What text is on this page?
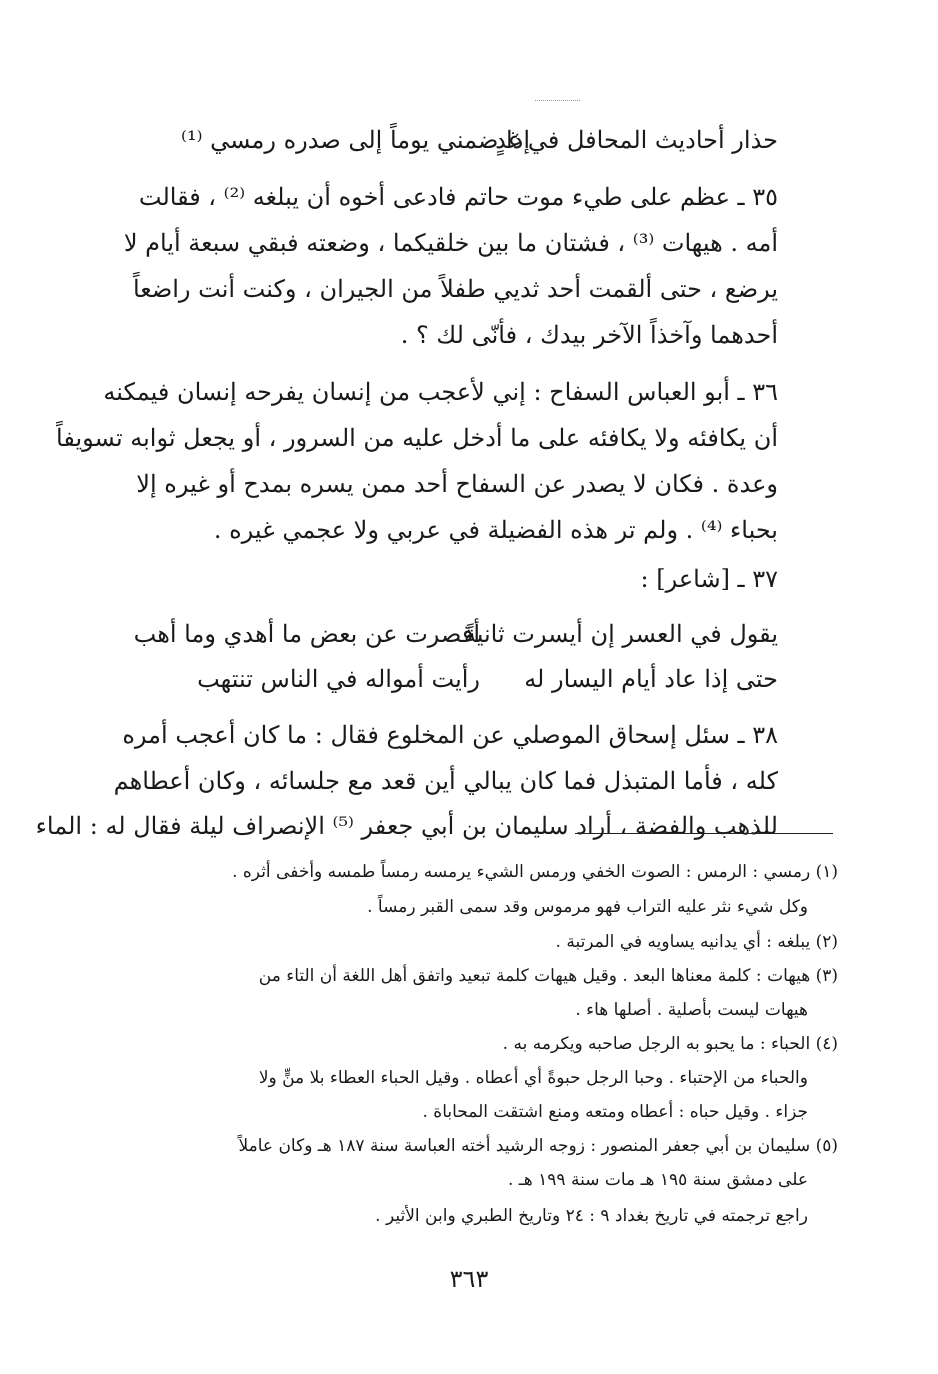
حذار أحاديث المحافل في غدٍ
إذا ضمني يوماً إلى صدره رمسي ⁽¹⁾
٣٥ ـ عظم على طيء موت حاتم فادعى أخوه أن يبلغه ⁽²⁾ ، فقالت
أمه . هيهات ⁽³⁾ ، فشتان ما بين خلقيكما ، وضعته فبقي سبعة أيام لا
يرضع ، حتى ألقمت أحد ثديي طفلاً من الجيران ، وكنت أنت راضعاً
أحدهما وآخذاً الآخر بيدك ، فأنّى لك ؟ .
٣٦ ـ أبو العباس السفاح : إني لأعجب من إنسان يفرحه إنسان فيمكنه
أن يكافئه ولا يكافئه على ما أدخل عليه من السرور ، أو يجعل ثوابه تسويفاً
وعدة . فكان لا يصدر عن السفاح أحد ممن يسره بمدح أو غيره إلا
بحباء ⁽⁴⁾ . ولم تر هذه الفضيلة في عربي ولا عجمي غيره .
٣٧ ـ [شاعر] :
يقول في العسر إن أيسرت ثانيةً
أقصرت عن بعض ما أهدي وما أهب
حتى إذا عاد أيام اليسار له
رأيت أمواله في الناس تنتهب
٣٨ ـ سئل إسحاق الموصلي عن المخلوع فقال : ما كان أعجب أمره
كله ، فأما المتبذل فما كان يبالي أين قعد مع جلسائه ، وكان أعطاهم
للذهب والفضة ، أراد سليمان بن أبي جعفر ⁽⁵⁾ الإنصراف ليلة فقال له : الماء
(١) رمسي : الرمس : الصوت الخفي ورمس الشيء يرمسه رمساً طمسه وأخفى أثره .
وكل شيء نثر عليه التراب فهو مرموس وقد سمى القبر رمساً .
(٢) يبلغه : أي يدانيه يساويه في المرتبة .
(٣) هيهات : كلمة معناها البعد . وقيل هيهات كلمة تبعيد واتفق أهل اللغة أن التاء من
هيهات ليست بأصلية . أصلها هاء .
(٤) الحباء : ما يحبو به الرجل صاحبه ويكرمه به .
والحباء من الإحتباء . وحبا الرجل حبوةً أي أعطاه . وقيل الحباء العطاء بلا منٍّ ولا
جزاء . وقيل حباه : أعطاه ومتعه ومنع اشتقت المحاباة .
(٥) سليمان بن أبي جعفر المنصور : زوجه الرشيد أخته العباسة سنة ١٨٧ هـ وكان عاملاً
على دمشق سنة ١٩٥ هـ مات سنة ١٩٩ هـ .
راجع ترجمته في تاريخ بغداد ٩ : ٢٤ وتاريخ الطبري وابن الأثير .
٣٦٣
